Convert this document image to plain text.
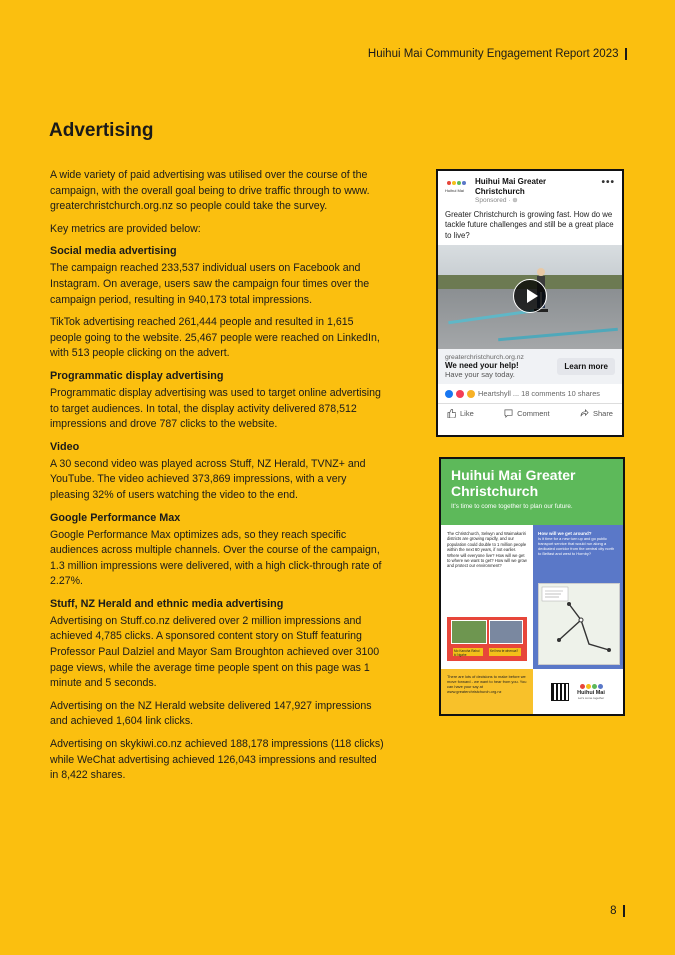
Huihui Mai Community Engagement Report 2023
Advertising

A wide variety of paid advertising was utilised over the course of the campaign, with the overall goal being to drive traffic through to www. greaterchristchurch.org.nz so people could take the survey.

Key metrics are provided below:

Social media advertising

The campaign reached 233,537 individual users on Facebook and Instagram. On average, users saw the campaign four times over the campaign period, resulting in 940,173 total impressions.

TikTok advertising reached 261,444 people and resulted in 1,615 people going to the website. 25,467 people were reached on LinkedIn, with 513 people clicking on the advert.

Programmatic display advertising

Programmatic display advertising was used to target online advertising to target audiences. In total, the display activity delivered 878,512 impressions and drove 787 clicks to the website.

Video

A 30 second video was played across Stuff, NZ Herald, TVNZ+ and YouTube. The video achieved 373,869 impressions, with a very pleasing 32% of users watching the video to the end.

Google Performance Max

Google Performance Max optimizes ads, so they reach specific audiences across multiple channels. Over the course of the campaign, 1.3 million impressions were delivered, with a high click-through rate of 2.27%.

Stuff, NZ Herald and ethnic media advertising

Advertising on Stuff.co.nz delivered over 2 million impressions and achieved 4,785 clicks. A sponsored content story on Stuff featuring Professor Paul Dalziel and Mayor Sam Broughton achieved over 3100 page views, while the average time people spent on this page was 1 minute and 5 seconds.

Advertising on the NZ Herald website delivered 147,927 impressions and achieved 1,604 link clicks.

Advertising on skykiwi.co.nz achieved 188,178 impressions (118 clicks) while WeChat advertising achieved 126,043 impressions and resulted in 8,422 shares.

Huihui Mai
Huihui Mai Greater Christchurch
Sponsored · ⊕
•••
Greater Christchurch is growing fast. How do we tackle future challenges and still be a great place to live?
greaterchristchurch.org.nz
We need your help!
Have your say today.
Learn more
Heartshyll ... 18 comments 10 shares
Like	Comment	Share
Huihui Mai Greater Christchurch
It's time to come together to plan our future.

The Christchurch, Selwyn and Waimakariri districts are growing rapidly, and our population could double to 1 million people within the next 60 years, if not earlier. Where will everyone live? How will we get to where we want to get? How will we grow and protect our environment?

Mo Kanoha Rahui ki Ngahe
Kei hea te whenua?
How will we get around?

Is it time for a new turn up and go public transport service that would run along a dedicated corridor from the central city north to Belfast and west to Hornby?

There are lots of decisions to make before we move forward - we want to hear from you. You can have your say at www.greaterchristchurch.org.nz	Huihui Mai
Let's come together
8
